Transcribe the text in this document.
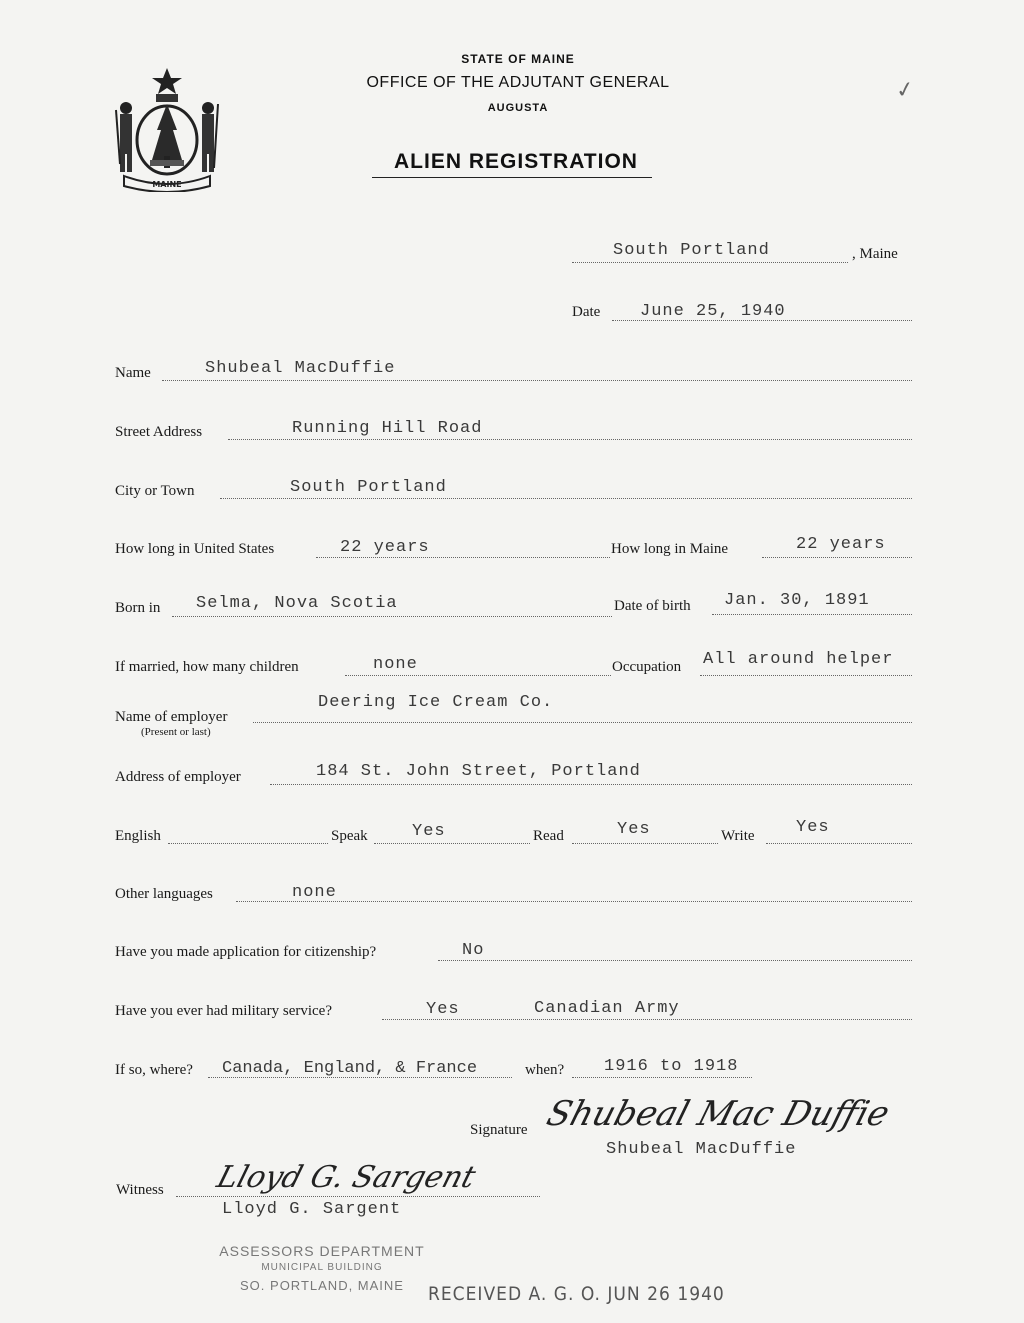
MAINE
STATE OF MAINE
OFFICE OF THE ADJUTANT GENERAL
AUGUSTA
ALIEN REGISTRATION
✓
South Portland	, Maine
Date June 25, 1940
Name	Shubeal MacDuffie
Street Address	Running Hill Road
City or Town	South Portland
How long in United States	22 years	How long in Maine	22 years
Born in Selma, Nova Scotia	Date of birth Jan. 30, 1891
If married, how many children	none	Occupation All around helper
Name of employer
(Present or last)
Deering Ice Cream Co.
Address of employer	184 St. John Street, Portland
English	Speak	Yes	Read	Yes	Write Yes
Other languages	none
Have you made application for citizenship?	No
Have you ever had military service?	Yes	Canadian Army
If so, where? Canada, England, & France	when? 1916 to 1918
Signature Shubeal Mac Duffie
Shubeal MacDuffie
Witness Lloyd G. Sargent
Lloyd G. Sargent
ASSESSORS DEPARTMENT
MUNICIPAL BUILDING
SO. PORTLAND, MAINE	RECEIVED A. G. O. JUN 26 1940
